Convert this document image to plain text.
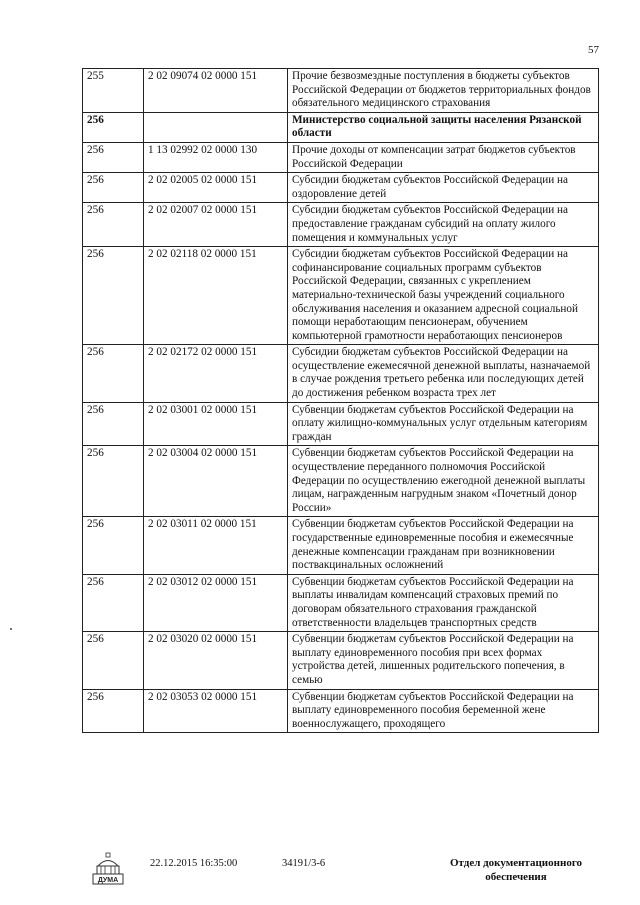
57
255	2 02 09074 02 0000 151	Прочие безвозмездные поступления в бюджеты субъектов Российской Федерации от бюджетов территориальных фондов обязательного медицинского страхования
256		Министерство социальной защиты населения Рязанской области
256	1 13 02992 02 0000 130	Прочие доходы от компенсации затрат бюджетов субъектов Российской Федерации
256	2 02 02005 02 0000 151	Субсидии бюджетам субъектов Российской Федерации на оздоровление детей
256	2 02 02007 02 0000 151	Субсидии бюджетам субъектов Российской Федерации на предоставление гражданам субсидий на оплату жилого помещения и коммунальных услуг
256	2 02 02118 02 0000 151	Субсидии бюджетам субъектов Российской Федерации на софинансирование социальных программ субъектов Российской Федерации, связанных с укреплением материально-технической базы учреждений социального обслуживания населения и оказанием адресной социальной помощи неработающим пенсионерам, обучением компьютерной грамотности неработающих пенсионеров
256	2 02 02172 02 0000 151	Субсидии бюджетам субъектов Российской Федерации на осуществление ежемесячной денежной выплаты, назначаемой в случае рождения третьего ребенка или последующих детей до достижения ребенком возраста трех лет
256	2 02 03001 02 0000 151	Субвенции бюджетам субъектов Российской Федерации на оплату жилищно-коммунальных услуг отдельным категориям граждан
256	2 02 03004 02 0000 151	Субвенции бюджетам субъектов Российской Федерации на осуществление переданного полномочия Российской Федерации по осуществлению ежегодной денежной выплаты лицам, награжденным нагрудным знаком «Почетный донор России»
256	2 02 03011 02 0000 151	Субвенции бюджетам субъектов Российской Федерации на государственные единовременные пособия и ежемесячные денежные компенсации гражданам при возникновении поствакцинальных осложнений
256	2 02 03012 02 0000 151	Субвенции бюджетам субъектов Российской Федерации на выплаты инвалидам компенсаций страховых премий по договорам обязательного страхования гражданской ответственности владельцев транспортных средств
256	2 02 03020 02 0000 151	Субвенции бюджетам субъектов Российской Федерации на выплату единовременного пособия при всех формах устройства детей, лишенных родительского попечения, в семью
256	2 02 03053 02 0000 151	Субвенции бюджетам субъектов Российской Федерации на выплату единовременного пособия беременной жене военнослужащего, проходящего
ДУМА
22.12.2015 16:35:00	34191/3-6	Отдел документационного
обеспечения
